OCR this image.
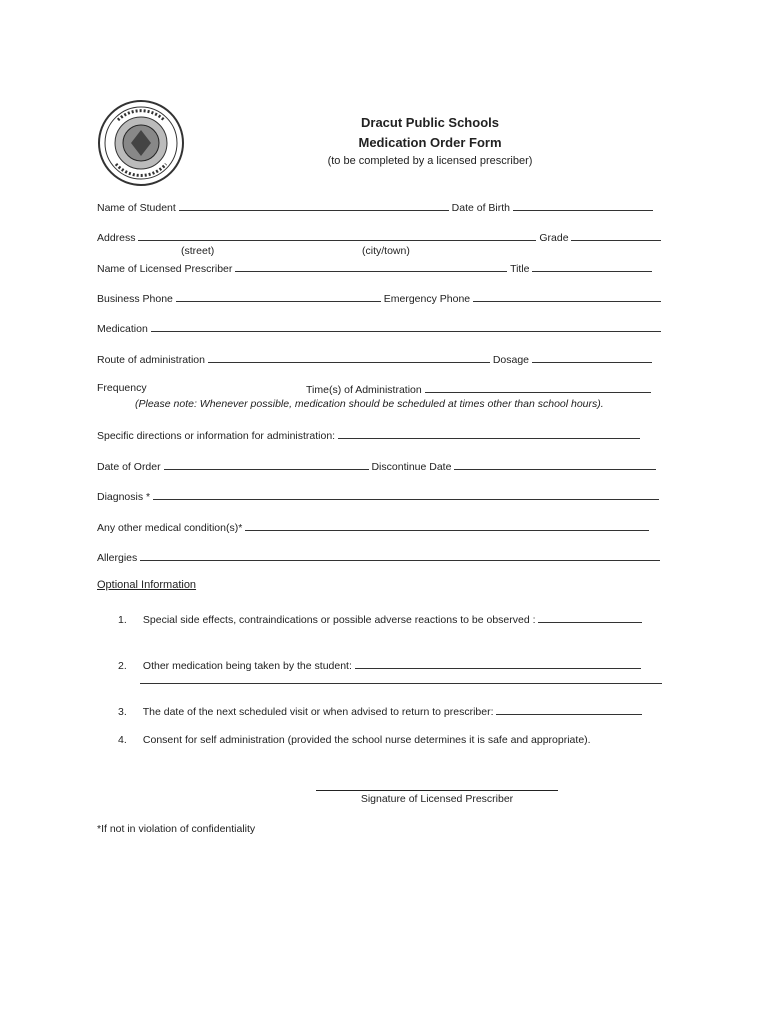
Dracut Public Schools

Medication Order Form

(to be completed by a licensed prescriber)

Name of Student	Date of Birth
Address	Grade
(street)	(city/town)
Name of Licensed Prescriber	Title
Business Phone	Emergency Phone
Medication
Route of administration	Dosage
Frequency	Time(s) of Administration
(Please note: Whenever possible, medication should be scheduled at times other than school hours).
Specific directions or information for administration:
Date of Order	Discontinue Date
Diagnosis *
Any other medical condition(s)*
Allergies
Optional Information
1. Special side effects, contraindications or possible adverse reactions to be observed :
2. Other medication being taken by the student:
3. The date of the next scheduled visit or when advised to return to prescriber:
4. Consent for self administration (provided the school nurse determines it is safe and appropriate).
Signature of Licensed Prescriber
*If not in violation of confidentiality
